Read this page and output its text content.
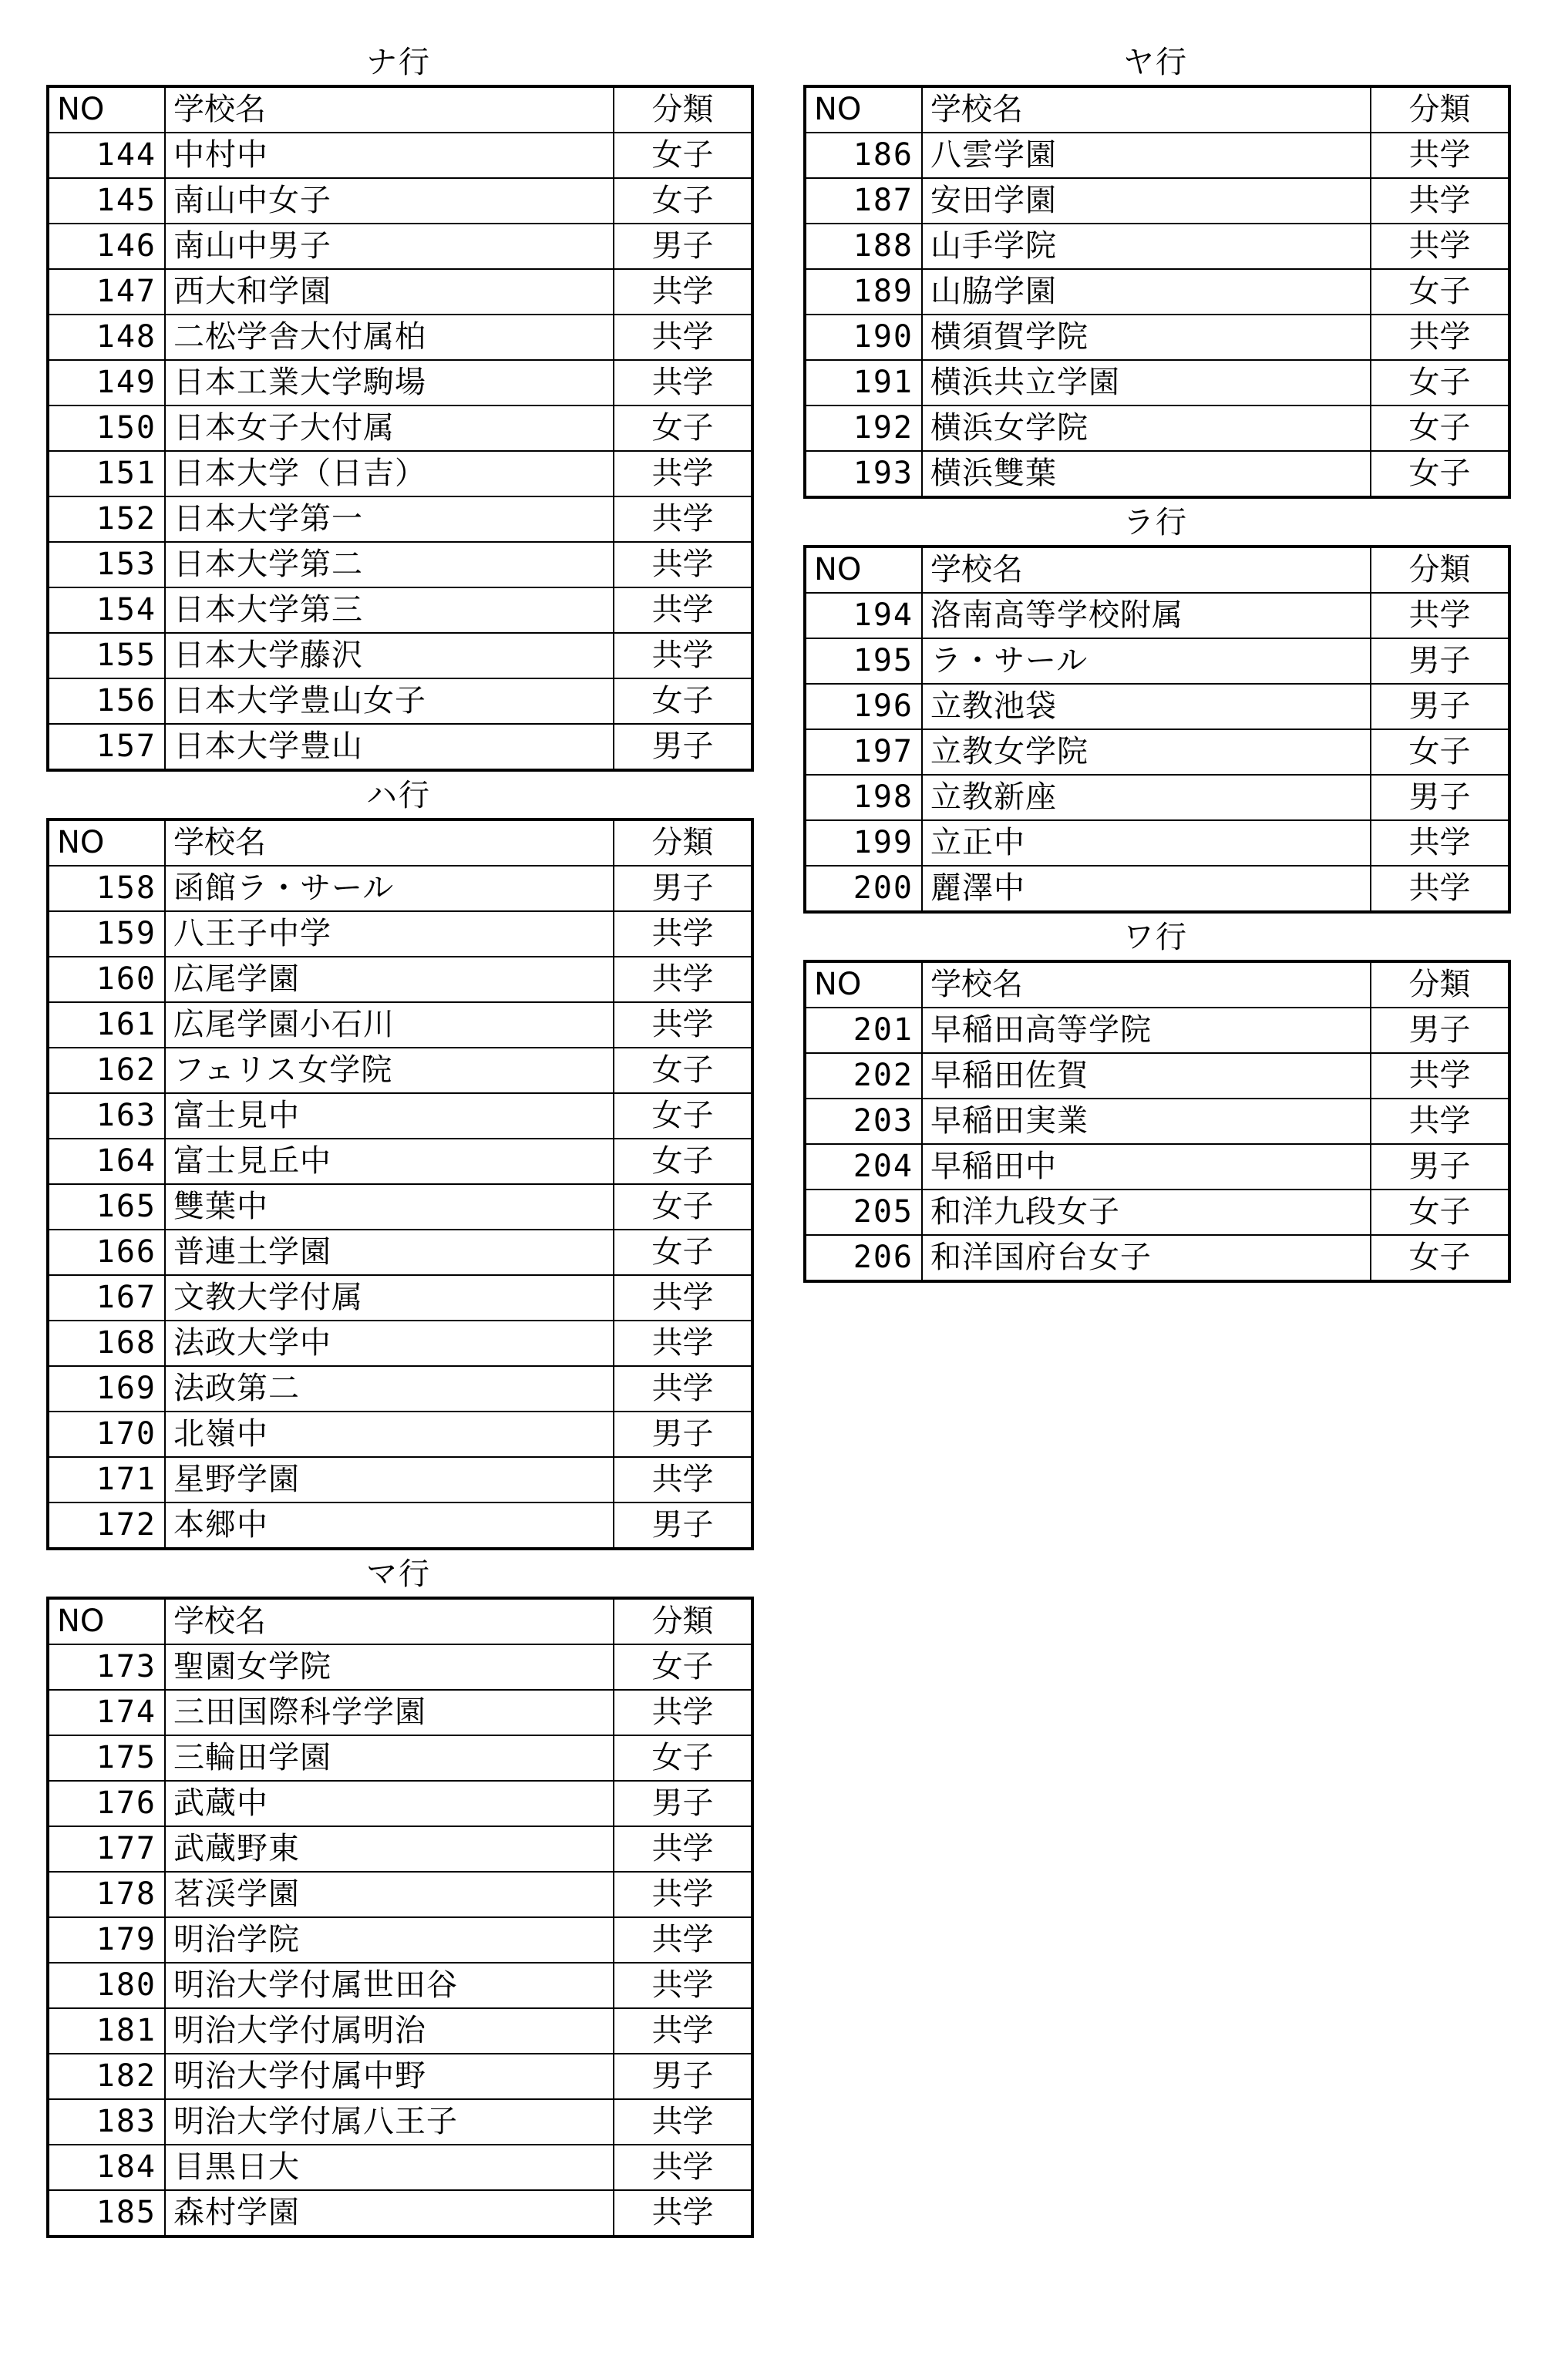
ナ行
NO	学校名	分類
144	中村中	女子
145	南山中女子	女子
146	南山中男子	男子
147	西大和学園	共学
148	二松学舎大付属柏	共学
149	日本工業大学駒場	共学
150	日本女子大付属	女子
151	日本大学（日吉）	共学
152	日本大学第一	共学
153	日本大学第二	共学
154	日本大学第三	共学
155	日本大学藤沢	共学
156	日本大学豊山女子	女子
157	日本大学豊山	男子
ハ行
NO	学校名	分類
158	函館ラ・サール	男子
159	八王子中学	共学
160	広尾学園	共学
161	広尾学園小石川	共学
162	フェリス女学院	女子
163	富士見中	女子
164	富士見丘中	女子
165	雙葉中	女子
166	普連土学園	女子
167	文教大学付属	共学
168	法政大学中	共学
169	法政第二	共学
170	北嶺中	男子
171	星野学園	共学
172	本郷中	男子
マ行
NO	学校名	分類
173	聖園女学院	女子
174	三田国際科学学園	共学
175	三輪田学園	女子
176	武蔵中	男子
177	武蔵野東	共学
178	茗渓学園	共学
179	明治学院	共学
180	明治大学付属世田谷	共学
181	明治大学付属明治	共学
182	明治大学付属中野	男子
183	明治大学付属八王子	共学
184	目黒日大	共学
185	森村学園	共学
ヤ行
NO	学校名	分類
186	八雲学園	共学
187	安田学園	共学
188	山手学院	共学
189	山脇学園	女子
190	横須賀学院	共学
191	横浜共立学園	女子
192	横浜女学院	女子
193	横浜雙葉	女子
ラ行
NO	学校名	分類
194	洛南高等学校附属	共学
195	ラ・サール	男子
196	立教池袋	男子
197	立教女学院	女子
198	立教新座	男子
199	立正中	共学
200	麗澤中	共学
ワ行
NO	学校名	分類
201	早稲田高等学院	男子
202	早稲田佐賀	共学
203	早稲田実業	共学
204	早稲田中	男子
205	和洋九段女子	女子
206	和洋国府台女子	女子
